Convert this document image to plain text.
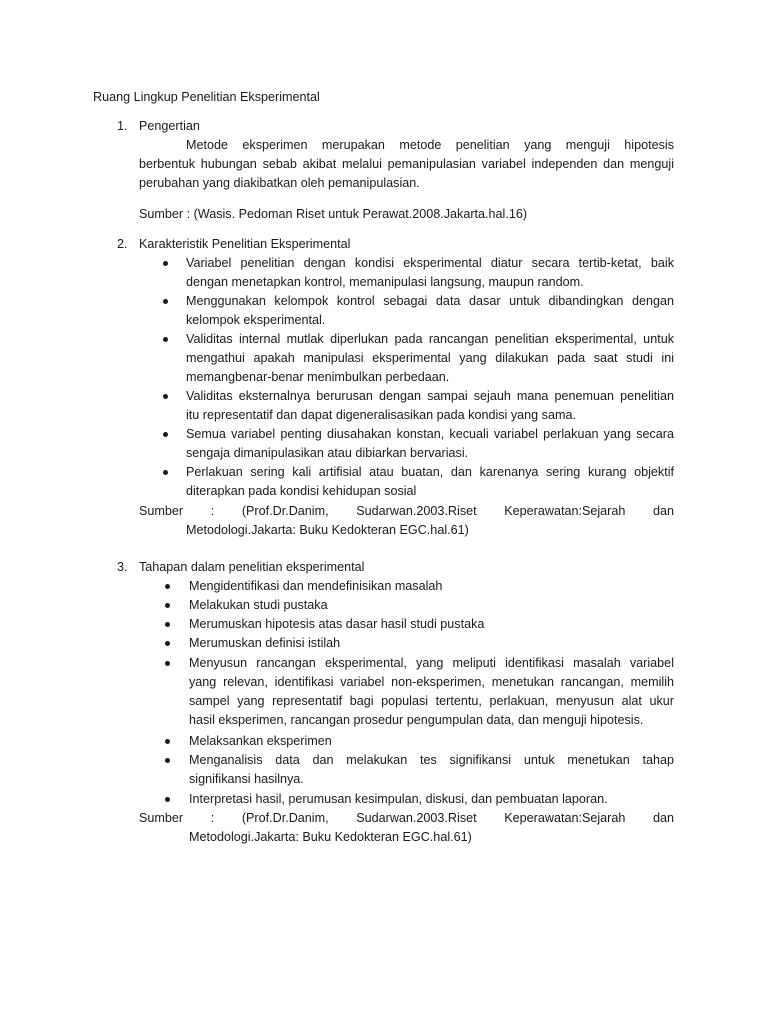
Ruang Lingkup Penelitian Eksperimental
1. Pengertian
Metode eksperimen merupakan metode penelitian yang menguji hipotesis
berbentuk hubungan sebab akibat melalui pemanipulasian variabel independen dan menguji
perubahan yang diakibatkan oleh pemanipulasian.
Sumber : (Wasis. Pedoman Riset untuk Perawat.2008.Jakarta.hal.16)
2. Karakteristik Penelitian Eksperimental
Variabel penelitian dengan kondisi eksperimental diatur secara tertib-ketat, baik
dengan menetapkan kontrol, memanipulasi langsung, maupun random.
Menggunakan kelompok kontrol sebagai data dasar untuk dibandingkan dengan
kelompok eksperimental.
Validitas internal mutlak diperlukan pada rancangan penelitian eksperimental, untuk
mengathui apakah manipulasi eksperimental yang dilakukan pada saat studi ini
memangbenar-benar menimbulkan perbedaan.
Validitas eksternalnya berurusan dengan sampai sejauh mana penemuan penelitian
itu representatif dan dapat digeneralisasikan pada kondisi yang sama.
Semua variabel penting diusahakan konstan, kecuali variabel perlakuan yang secara
sengaja dimanipulasikan atau dibiarkan bervariasi.
Perlakuan sering kali artifisial atau buatan, dan karenanya sering kurang objektif
diterapkan pada kondisi kehidupan sosial
Sumber : (Prof.Dr.Danim, Sudarwan.2003.Riset Keperawatan:Sejarah dan
Metodologi.Jakarta: Buku Kedokteran EGC.hal.61)
3. Tahapan dalam penelitian eksperimental
Mengidentifikasi dan mendefinisikan masalah
Melakukan studi pustaka
Merumuskan hipotesis atas dasar hasil studi pustaka
Merumuskan definisi istilah
Menyusun rancangan eksperimental, yang meliputi identifikasi masalah variabel
yang relevan, identifikasi variabel non-eksperimen, menetukan rancangan, memilih
sampel yang representatif bagi populasi tertentu, perlakuan, menyusun alat ukur
hasil eksperimen, rancangan prosedur pengumpulan data, dan menguji hipotesis.
Melaksankan eksperimen
Menganalisis data dan melakukan tes signifikansi untuk menetukan tahap
signifikansi hasilnya.
Interpretasi hasil, perumusan kesimpulan, diskusi, dan pembuatan laporan.
Sumber : (Prof.Dr.Danim, Sudarwan.2003.Riset Keperawatan:Sejarah dan
Metodologi.Jakarta: Buku Kedokteran EGC.hal.61)
